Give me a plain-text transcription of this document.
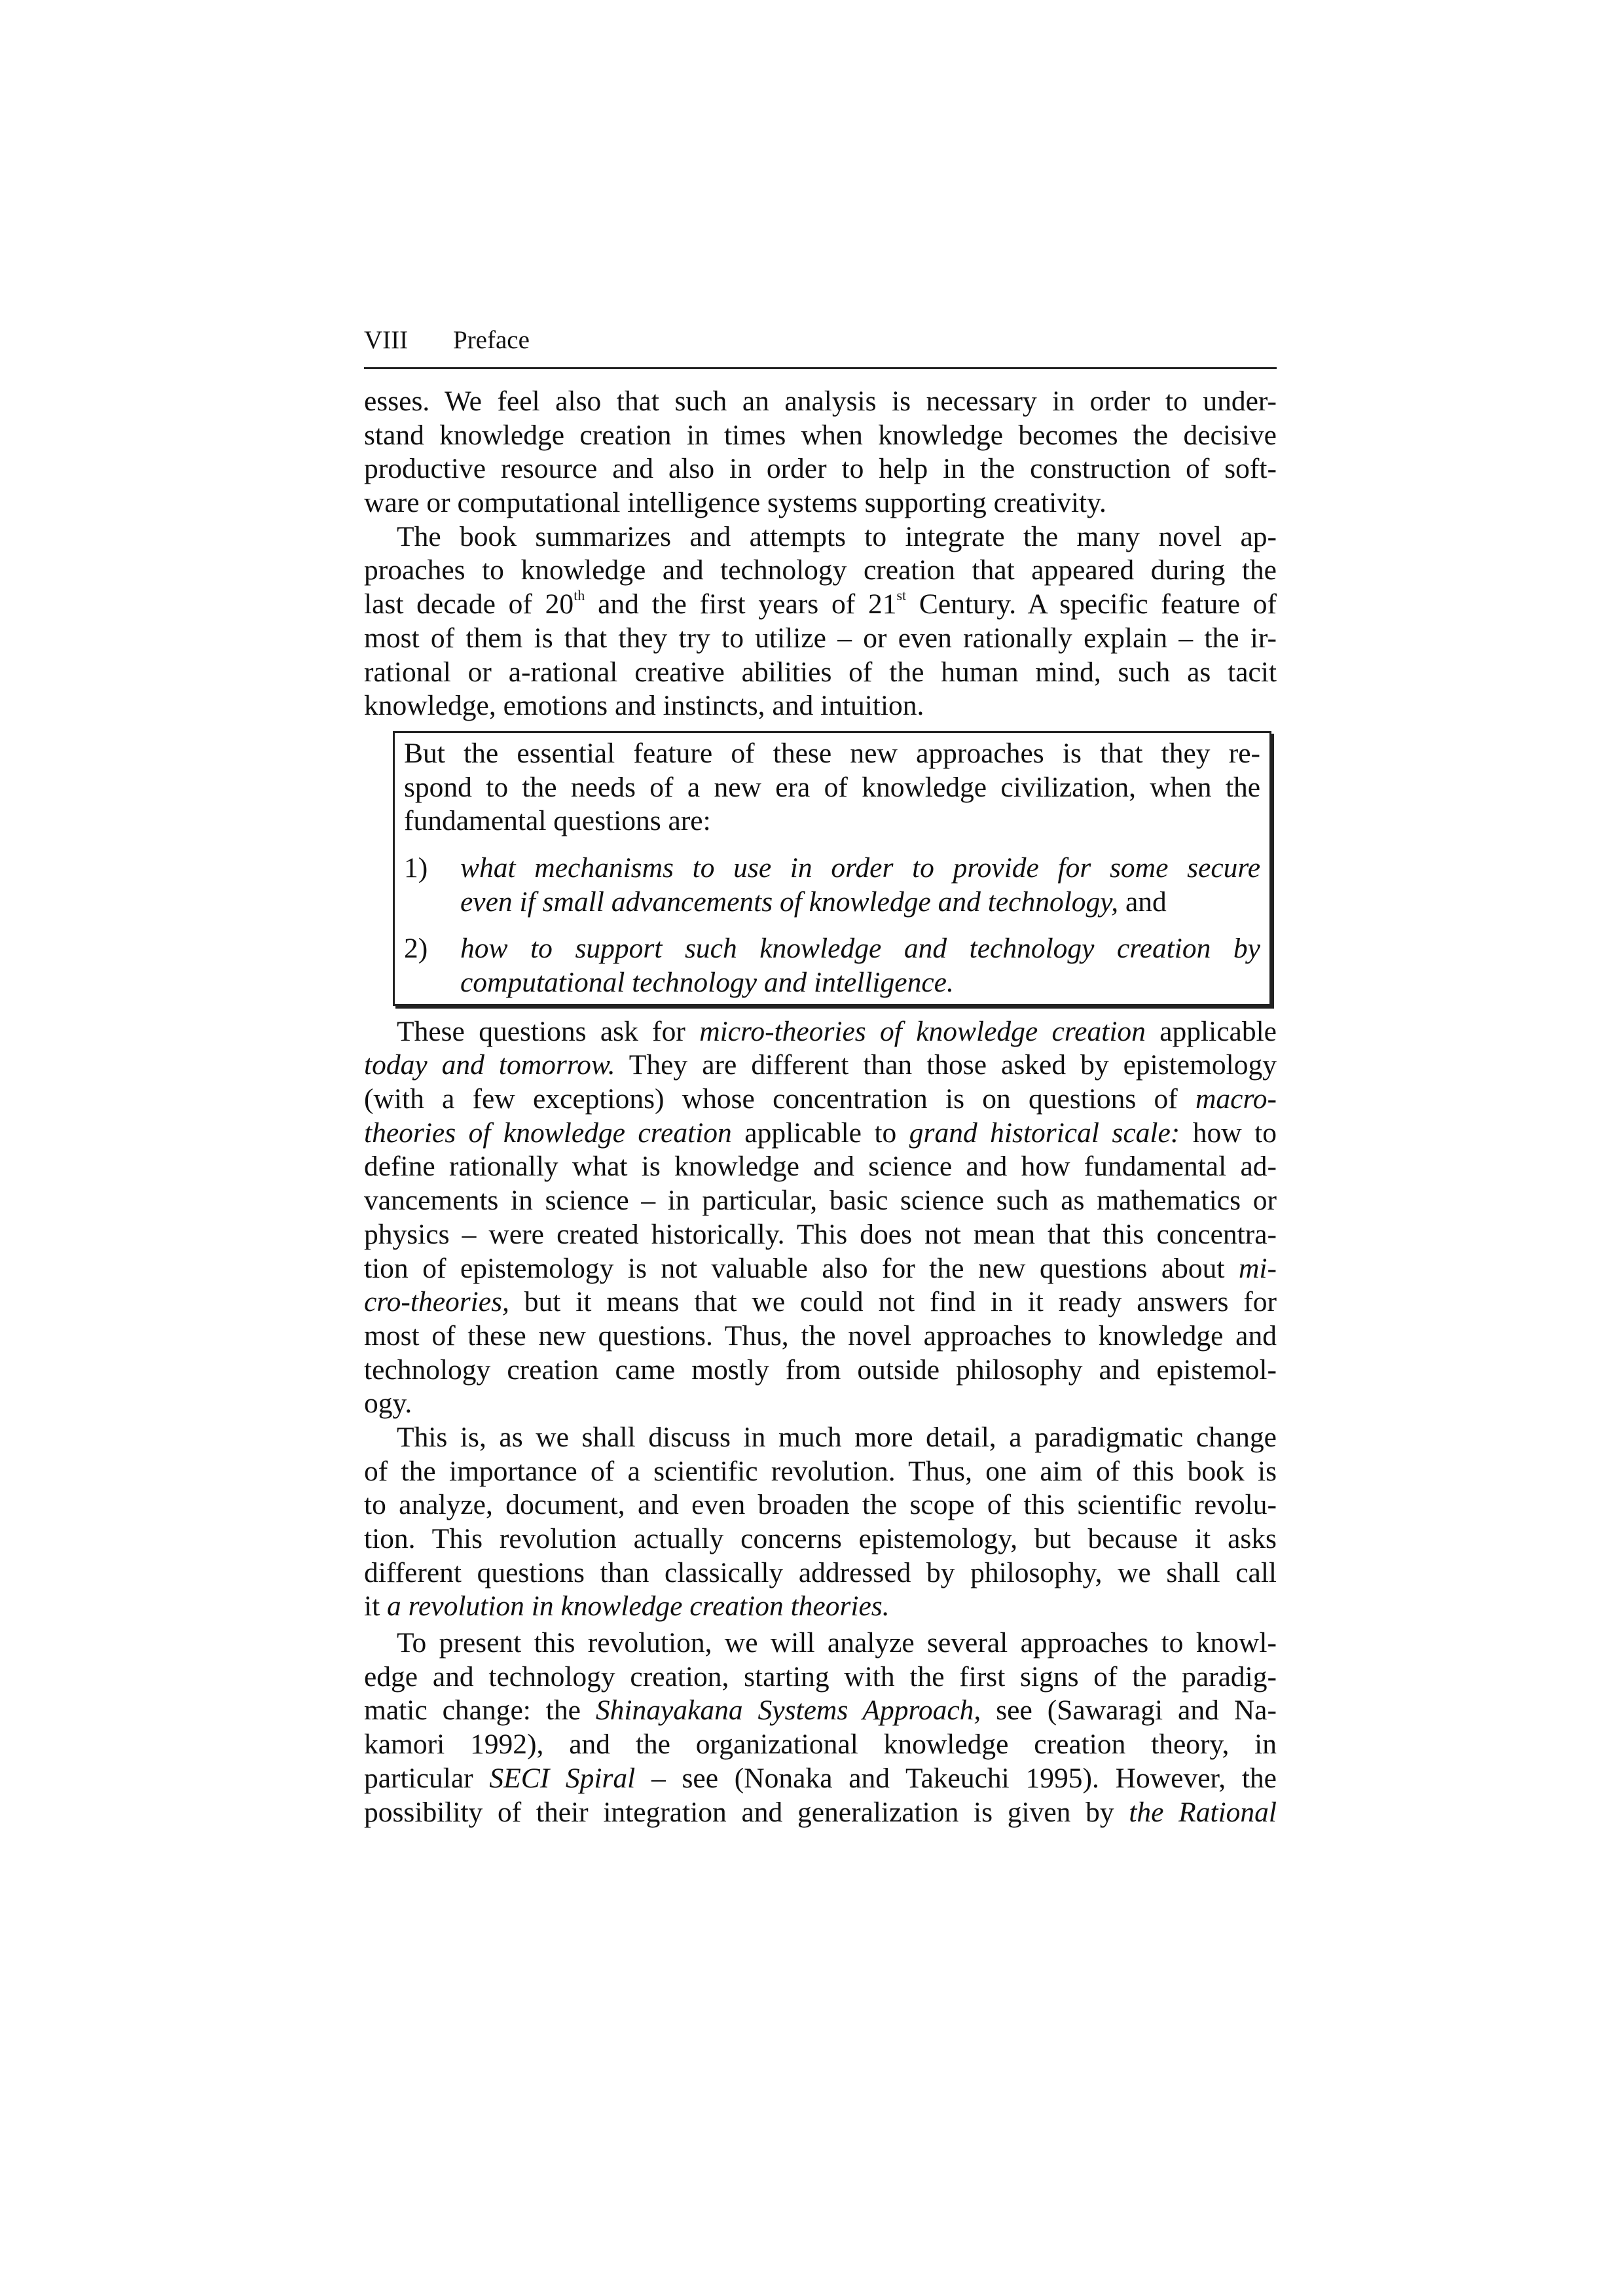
VIII Preface
esses. We feel also that such an analysis is necessary in order to under-
stand knowledge creation in times when knowledge becomes the decisive
productive resource and also in order to help in the construction of soft-
ware or computational intelligence systems supporting creativity.
The book summarizes and attempts to integrate the many novel ap-
proaches to knowledge and technology creation that appeared during the
last decade of 20th and the first years of 21st Century. A specific feature of
most of them is that they try to utilize – or even rationally explain – the ir-
rational or a-rational creative abilities of the human mind, such as tacit
knowledge, emotions and instincts, and intuition.
But the essential feature of these new approaches is that they re-
spond to the needs of a new era of knowledge civilization, when the
fundamental questions are:
1) what mechanisms to use in order to provide for some secure
even if small advancements of knowledge and technology, and
2) how to support such knowledge and technology creation by
computational technology and intelligence.
These questions ask for micro-theories of knowledge creation applicable
today and tomorrow. They are different than those asked by epistemology
(with a few exceptions) whose concentration is on questions of macro-
theories of knowledge creation applicable to grand historical scale: how to
define rationally what is knowledge and science and how fundamental ad-
vancements in science – in particular, basic science such as mathematics or
physics – were created historically. This does not mean that this concentra-
tion of epistemology is not valuable also for the new questions about mi-
cro-theories, but it means that we could not find in it ready answers for
most of these new questions. Thus, the novel approaches to knowledge and
technology creation came mostly from outside philosophy and epistemol-
ogy.
This is, as we shall discuss in much more detail, a paradigmatic change
of the importance of a scientific revolution. Thus, one aim of this book is
to analyze, document, and even broaden the scope of this scientific revolu-
tion. This revolution actually concerns epistemology, but because it asks
different questions than classically addressed by philosophy, we shall call
it a revolution in knowledge creation theories.
To present this revolution, we will analyze several approaches to knowl-
edge and technology creation, starting with the first signs of the paradig-
matic change: the Shinayakana Systems Approach, see (Sawaragi and Na-
kamori 1992), and the organizational knowledge creation theory, in
particular SECI Spiral – see (Nonaka and Takeuchi 1995). However, the
possibility of their integration and generalization is given by the Rational
